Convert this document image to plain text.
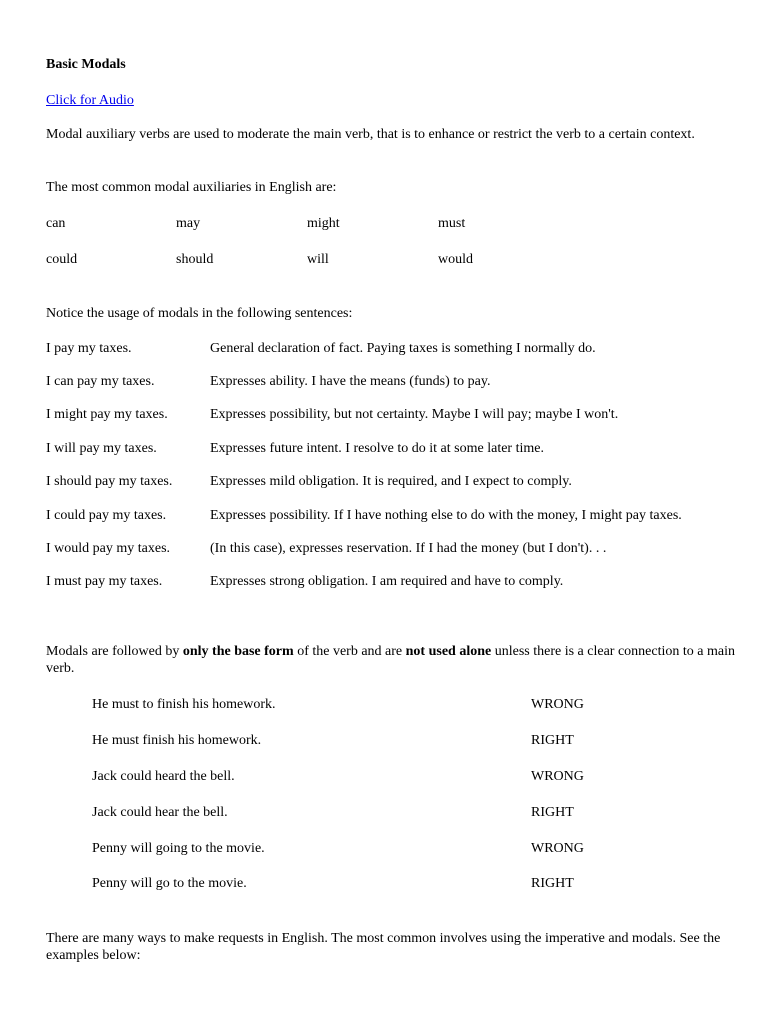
Basic Modals
Click for Audio
Modal auxiliary verbs are used to moderate the main verb, that is to enhance or restrict the verb to a certain context.
The most common modal auxiliaries in English are:
can	may	might	must
could	should	will	would
Notice the usage of modals in the following sentences:
I pay my taxes.	General declaration of fact. Paying taxes is something I normally do.
I can pay my taxes.	Expresses ability. I have the means (funds) to pay.
I might pay my taxes.	Expresses possibility, but not certainty. Maybe I will pay; maybe I won't.
I will pay my taxes.	Expresses future intent. I resolve to do it at some later time.
I should pay my taxes.	Expresses mild obligation. It is required, and I expect to comply.
I could pay my taxes.	Expresses possibility. If I have nothing else to do with the money, I might pay taxes.
I would pay my taxes.	(In this case), expresses reservation. If I had the money (but I don't). . .
I must pay my taxes.	Expresses strong obligation. I am required and have to comply.
Modals are followed by only the base form of the verb and are not used alone unless there is a clear connection to a main verb.
He must to finish his homework.	WRONG
He must finish his homework.	RIGHT
Jack could heard the bell.	WRONG
Jack could hear the bell.	RIGHT
Penny will going to the movie.	WRONG
Penny will go to the movie.	RIGHT
There are many ways to make requests in English. The most common involves using the imperative and modals. See the examples below:
